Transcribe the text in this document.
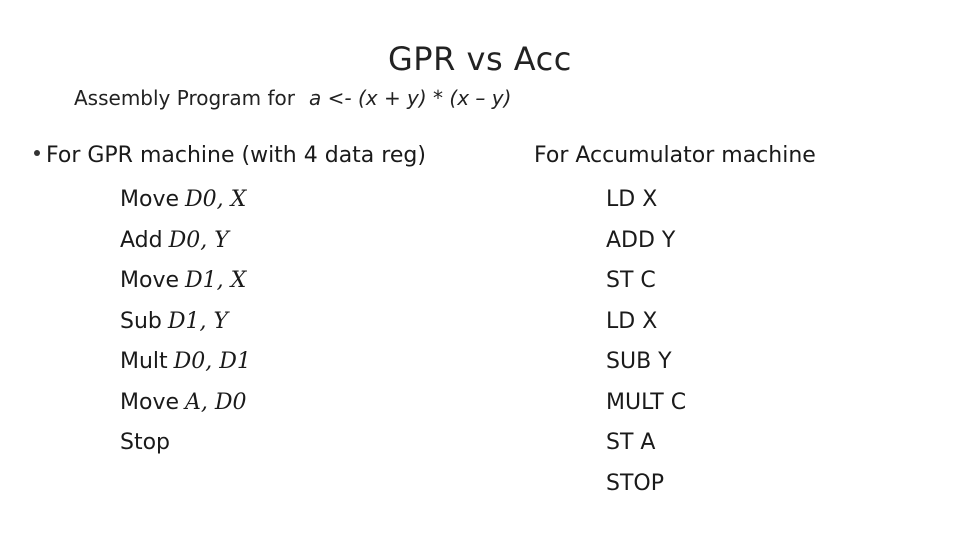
GPR vs Acc
Assembly Program for a <- (x + y) * (x – y)
For GPR machine (with 4 data reg)
Move D0, X
Add D0, Y
Move D1, X
Sub D1, Y
Mult D0, D1
Move A, D0
Stop
For Accumulator machine
LD X
ADD Y
ST C
LD X
SUB Y
MULT C
ST A
STOP
